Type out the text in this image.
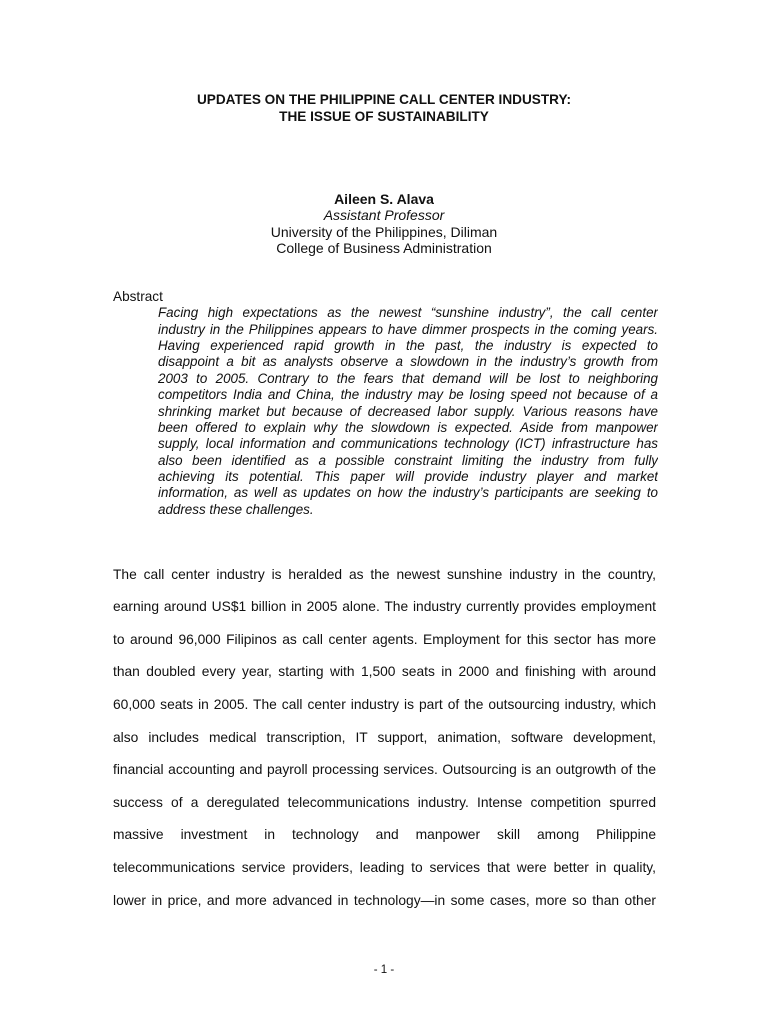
UPDATES ON THE PHILIPPINE CALL CENTER INDUSTRY:
THE ISSUE OF SUSTAINABILITY
Aileen S. Alava
Assistant Professor
University of the Philippines, Diliman
College of Business Administration
Abstract
Facing high expectations as the newest “sunshine industry”, the call center
industry in the Philippines appears to have dimmer prospects in the coming years.
Having experienced rapid growth in the past, the industry is expected to
disappoint a bit as analysts observe a slowdown in the industry’s growth from
2003 to 2005. Contrary to the fears that demand will be lost to neighboring
competitors India and China, the industry may be losing speed not because of a
shrinking market but because of decreased labor supply. Various reasons have
been offered to explain why the slowdown is expected. Aside from manpower
supply, local information and communications technology (ICT) infrastructure has
also been identified as a possible constraint limiting the industry from fully
achieving its potential. This paper will provide industry player and market
information, as well as updates on how the industry’s participants are seeking to
address these challenges.
The call center industry is heralded as the newest sunshine industry in the country,
earning around US$1 billion in 2005 alone. The industry currently provides employment
to around 96,000 Filipinos as call center agents. Employment for this sector has more
than doubled every year, starting with 1,500 seats in 2000 and finishing with around
60,000 seats in 2005. The call center industry is part of the outsourcing industry, which
also includes medical transcription, IT support, animation, software development,
financial accounting and payroll processing services. Outsourcing is an outgrowth of the
success of a deregulated telecommunications industry. Intense competition spurred
massive investment in technology and manpower skill among Philippine
telecommunications service providers, leading to services that were better in quality,
lower in price, and more advanced in technology—in some cases, more so than other
- 1 -
